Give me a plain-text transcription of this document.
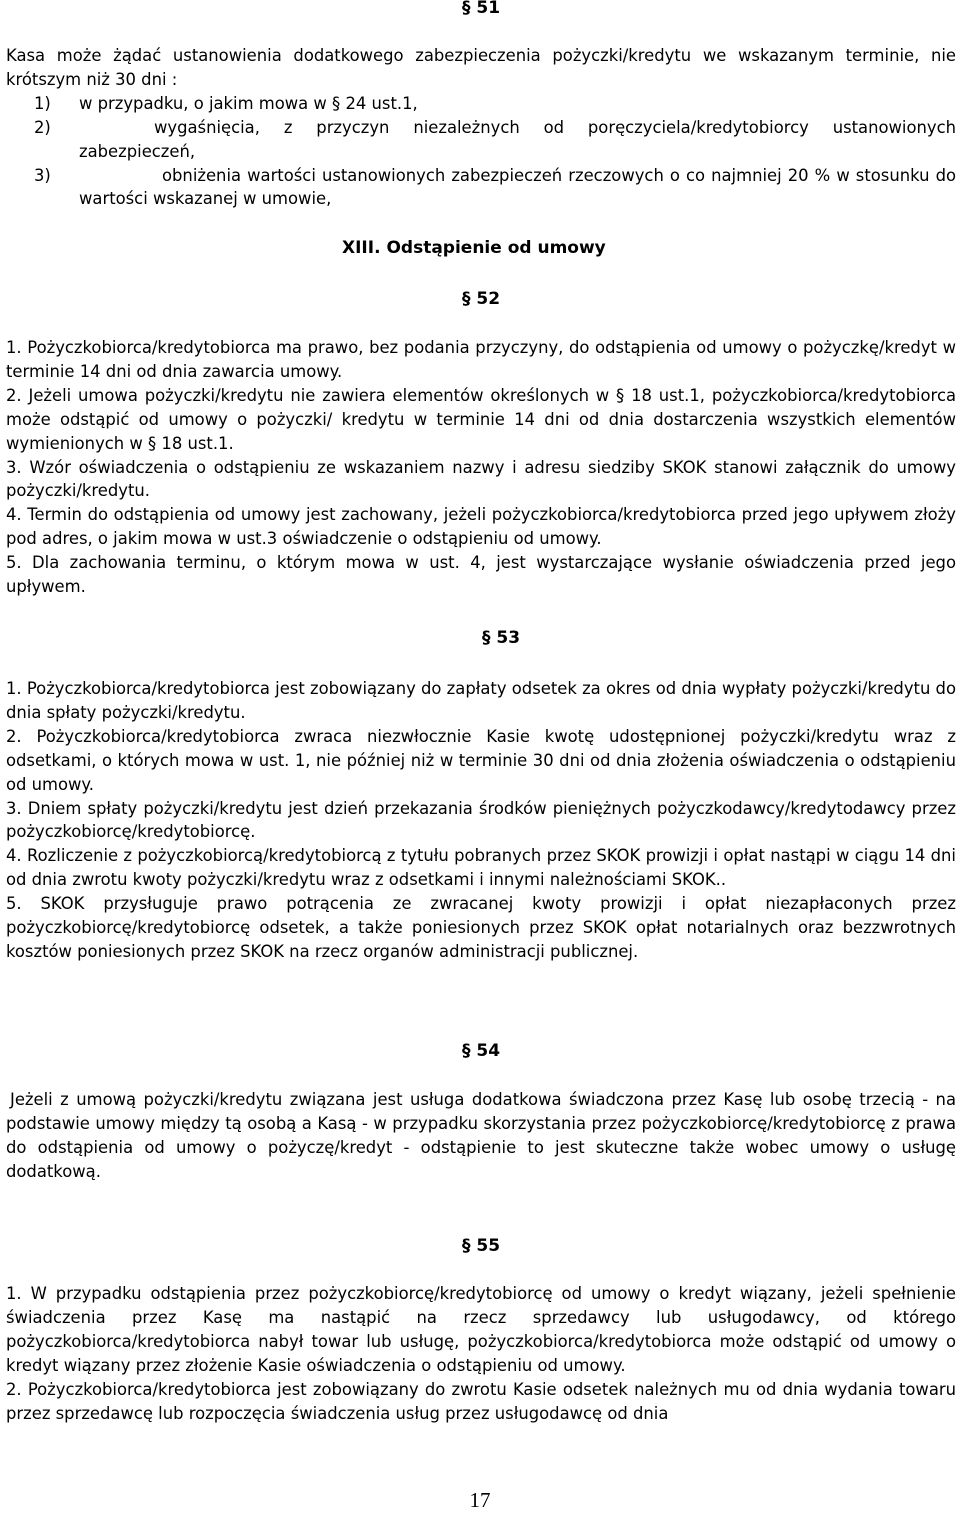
§ 51

Kasa może żądać ustanowienia dodatkowego zabezpieczenia pożyczki/kredytu we wskazanym terminie, nie krótszym niż 30 dni :

1)	w przypadku, o jakim mowa w § 24 ust.1,
2)	wygaśnięcia, z przyczyn niezależnych od poręczyciela/kredytobiorcy ustanowionych zabezpieczeń,
3)	obniżenia wartości ustanowionych zabezpieczeń rzeczowych o co najmniej 20 % w stosunku do wartości wskazanej w umowie,
XIII. Odstąpienie od umowy
§ 52

1. Pożyczkobiorca/kredytobiorca ma prawo, bez podania przyczyny, do odstąpienia od umowy o pożyczkę/kredyt w terminie 14 dni od dnia zawarcia umowy.

2. Jeżeli umowa pożyczki/kredytu nie zawiera elementów określonych w § 18 ust.1, pożyczkobiorca/kredytobiorca może odstąpić od umowy o pożyczki/ kredytu w terminie 14 dni od dnia dostarczenia wszystkich elementów wymienionych w § 18 ust.1.

3. Wzór oświadczenia o odstąpieniu ze wskazaniem nazwy i adresu siedziby SKOK stanowi załącznik do umowy pożyczki/kredytu.

4. Termin do odstąpienia od umowy jest zachowany, jeżeli pożyczkobiorca/kredytobiorca przed jego upływem złoży pod adres, o jakim mowa w ust.3 oświadczenie o odstąpieniu od umowy.

5. Dla zachowania terminu, o którym mowa w ust. 4, jest wystarczające wysłanie oświadczenia przed jego upływem.

§ 53

1. Pożyczkobiorca/kredytobiorca jest zobowiązany do zapłaty odsetek za okres od dnia wypłaty pożyczki/kredytu do dnia spłaty pożyczki/kredytu.

2. Pożyczkobiorca/kredytobiorca zwraca niezwłocznie Kasie kwotę udostępnionej pożyczki/kredytu wraz z odsetkami, o których mowa w ust. 1, nie później niż w terminie 30 dni od dnia złożenia oświadczenia o odstąpieniu od umowy.

3. Dniem spłaty pożyczki/kredytu jest dzień przekazania środków pieniężnych pożyczkodawcy/kredytodawcy przez pożyczkobiorcę/kredytobiorcę.

4. Rozliczenie z pożyczkobiorcą/kredytobiorcą z tytułu pobranych przez SKOK prowizji i opłat nastąpi w ciągu 14 dni od dnia zwrotu kwoty pożyczki/kredytu wraz z odsetkami i innymi należnościami SKOK..

5. SKOK przysługuje prawo potrącenia ze zwracanej kwoty prowizji i opłat niezapłaconych przez pożyczkobiorcę/kredytobiorcę odsetek, a także poniesionych przez SKOK opłat notarialnych oraz bezzwrotnych kosztów poniesionych przez SKOK na rzecz organów administracji publicznej.

§ 54

Jeżeli z umową pożyczki/kredytu związana jest usługa dodatkowa świadczona przez Kasę lub osobę trzecią - na podstawie umowy między tą osobą a Kasą - w przypadku skorzystania przez pożyczkobiorcę/kredytobiorcę z prawa do odstąpienia od umowy o pożyczę/kredyt - odstąpienie to jest skuteczne także wobec umowy o usługę dodatkową.

§ 55

1. W przypadku odstąpienia przez pożyczkobiorcę/kredytobiorcę od umowy o kredyt wiązany, jeżeli spełnienie świadczenia przez Kasę ma nastąpić na rzecz sprzedawcy lub usługodawcy, od którego pożyczkobiorca/kredytobiorca nabył towar lub usługę, pożyczkobiorca/kredytobiorca może odstąpić od umowy o kredyt wiązany przez złożenie Kasie oświadczenia o odstąpieniu od umowy.

2. Pożyczkobiorca/kredytobiorca jest zobowiązany do zwrotu Kasie odsetek należnych mu od dnia wydania towaru przez sprzedawcę lub rozpoczęcia świadczenia usług przez usługodawcę od dnia

17
